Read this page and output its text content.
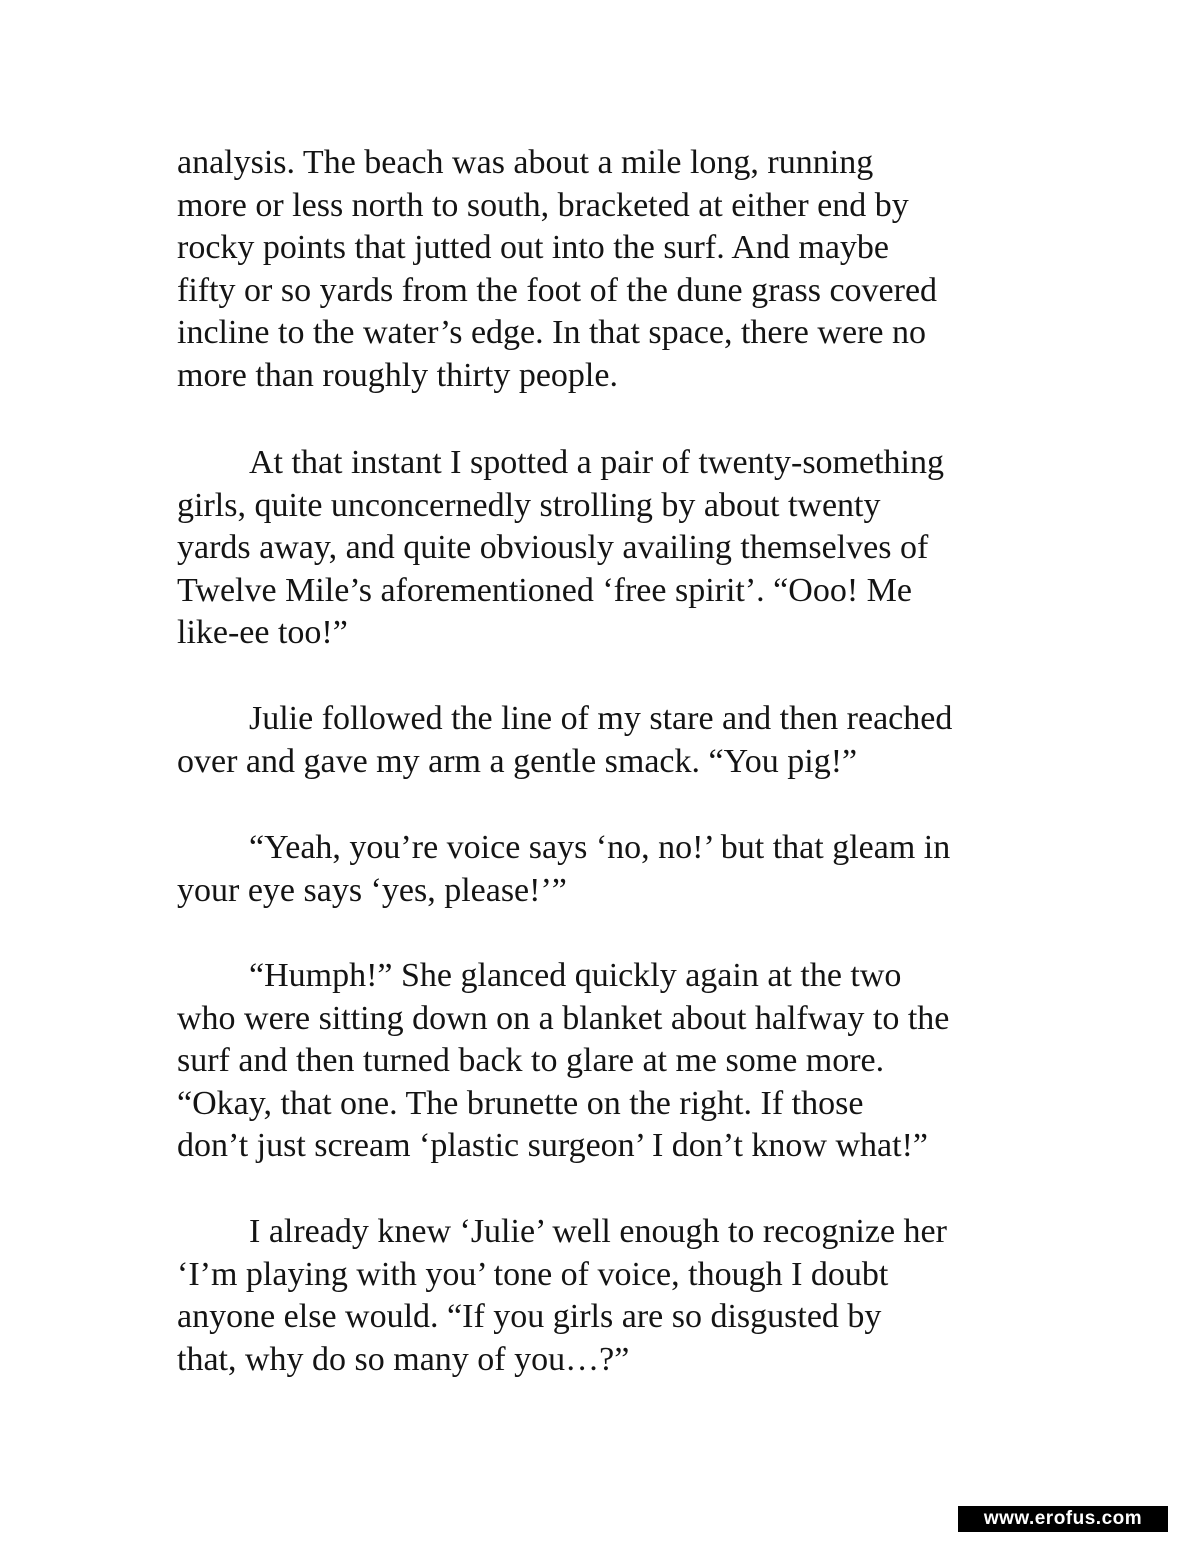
analysis. The beach was about a mile long, running
more or less north to south, bracketed at either end by
rocky points that jutted out into the surf. And maybe
fifty or so yards from the foot of the dune grass covered
incline to the water’s edge. In that space, there were no
more than roughly thirty people.

At that instant I spotted a pair of twenty-something
girls, quite unconcernedly strolling by about twenty
yards away, and quite obviously availing themselves of
Twelve Mile’s aforementioned ‘free spirit’. “Ooo! Me
like-ee too!”

Julie followed the line of my stare and then reached
over and gave my arm a gentle smack. “You pig!”

“Yeah, you’re voice says ‘no, no!’ but that gleam in
your eye says ‘yes, please!’”

“Humph!” She glanced quickly again at the two
who were sitting down on a blanket about halfway to the
surf and then turned back to glare at me some more.
“Okay, that one. The brunette on the right. If those
don’t just scream ‘plastic surgeon’ I don’t know what!”

I already knew ‘Julie’ well enough to recognize her
‘I’m playing with you’ tone of voice, though I doubt
anyone else would. “If you girls are so disgusted by
that, why do so many of you…?”

www.erofus.com
